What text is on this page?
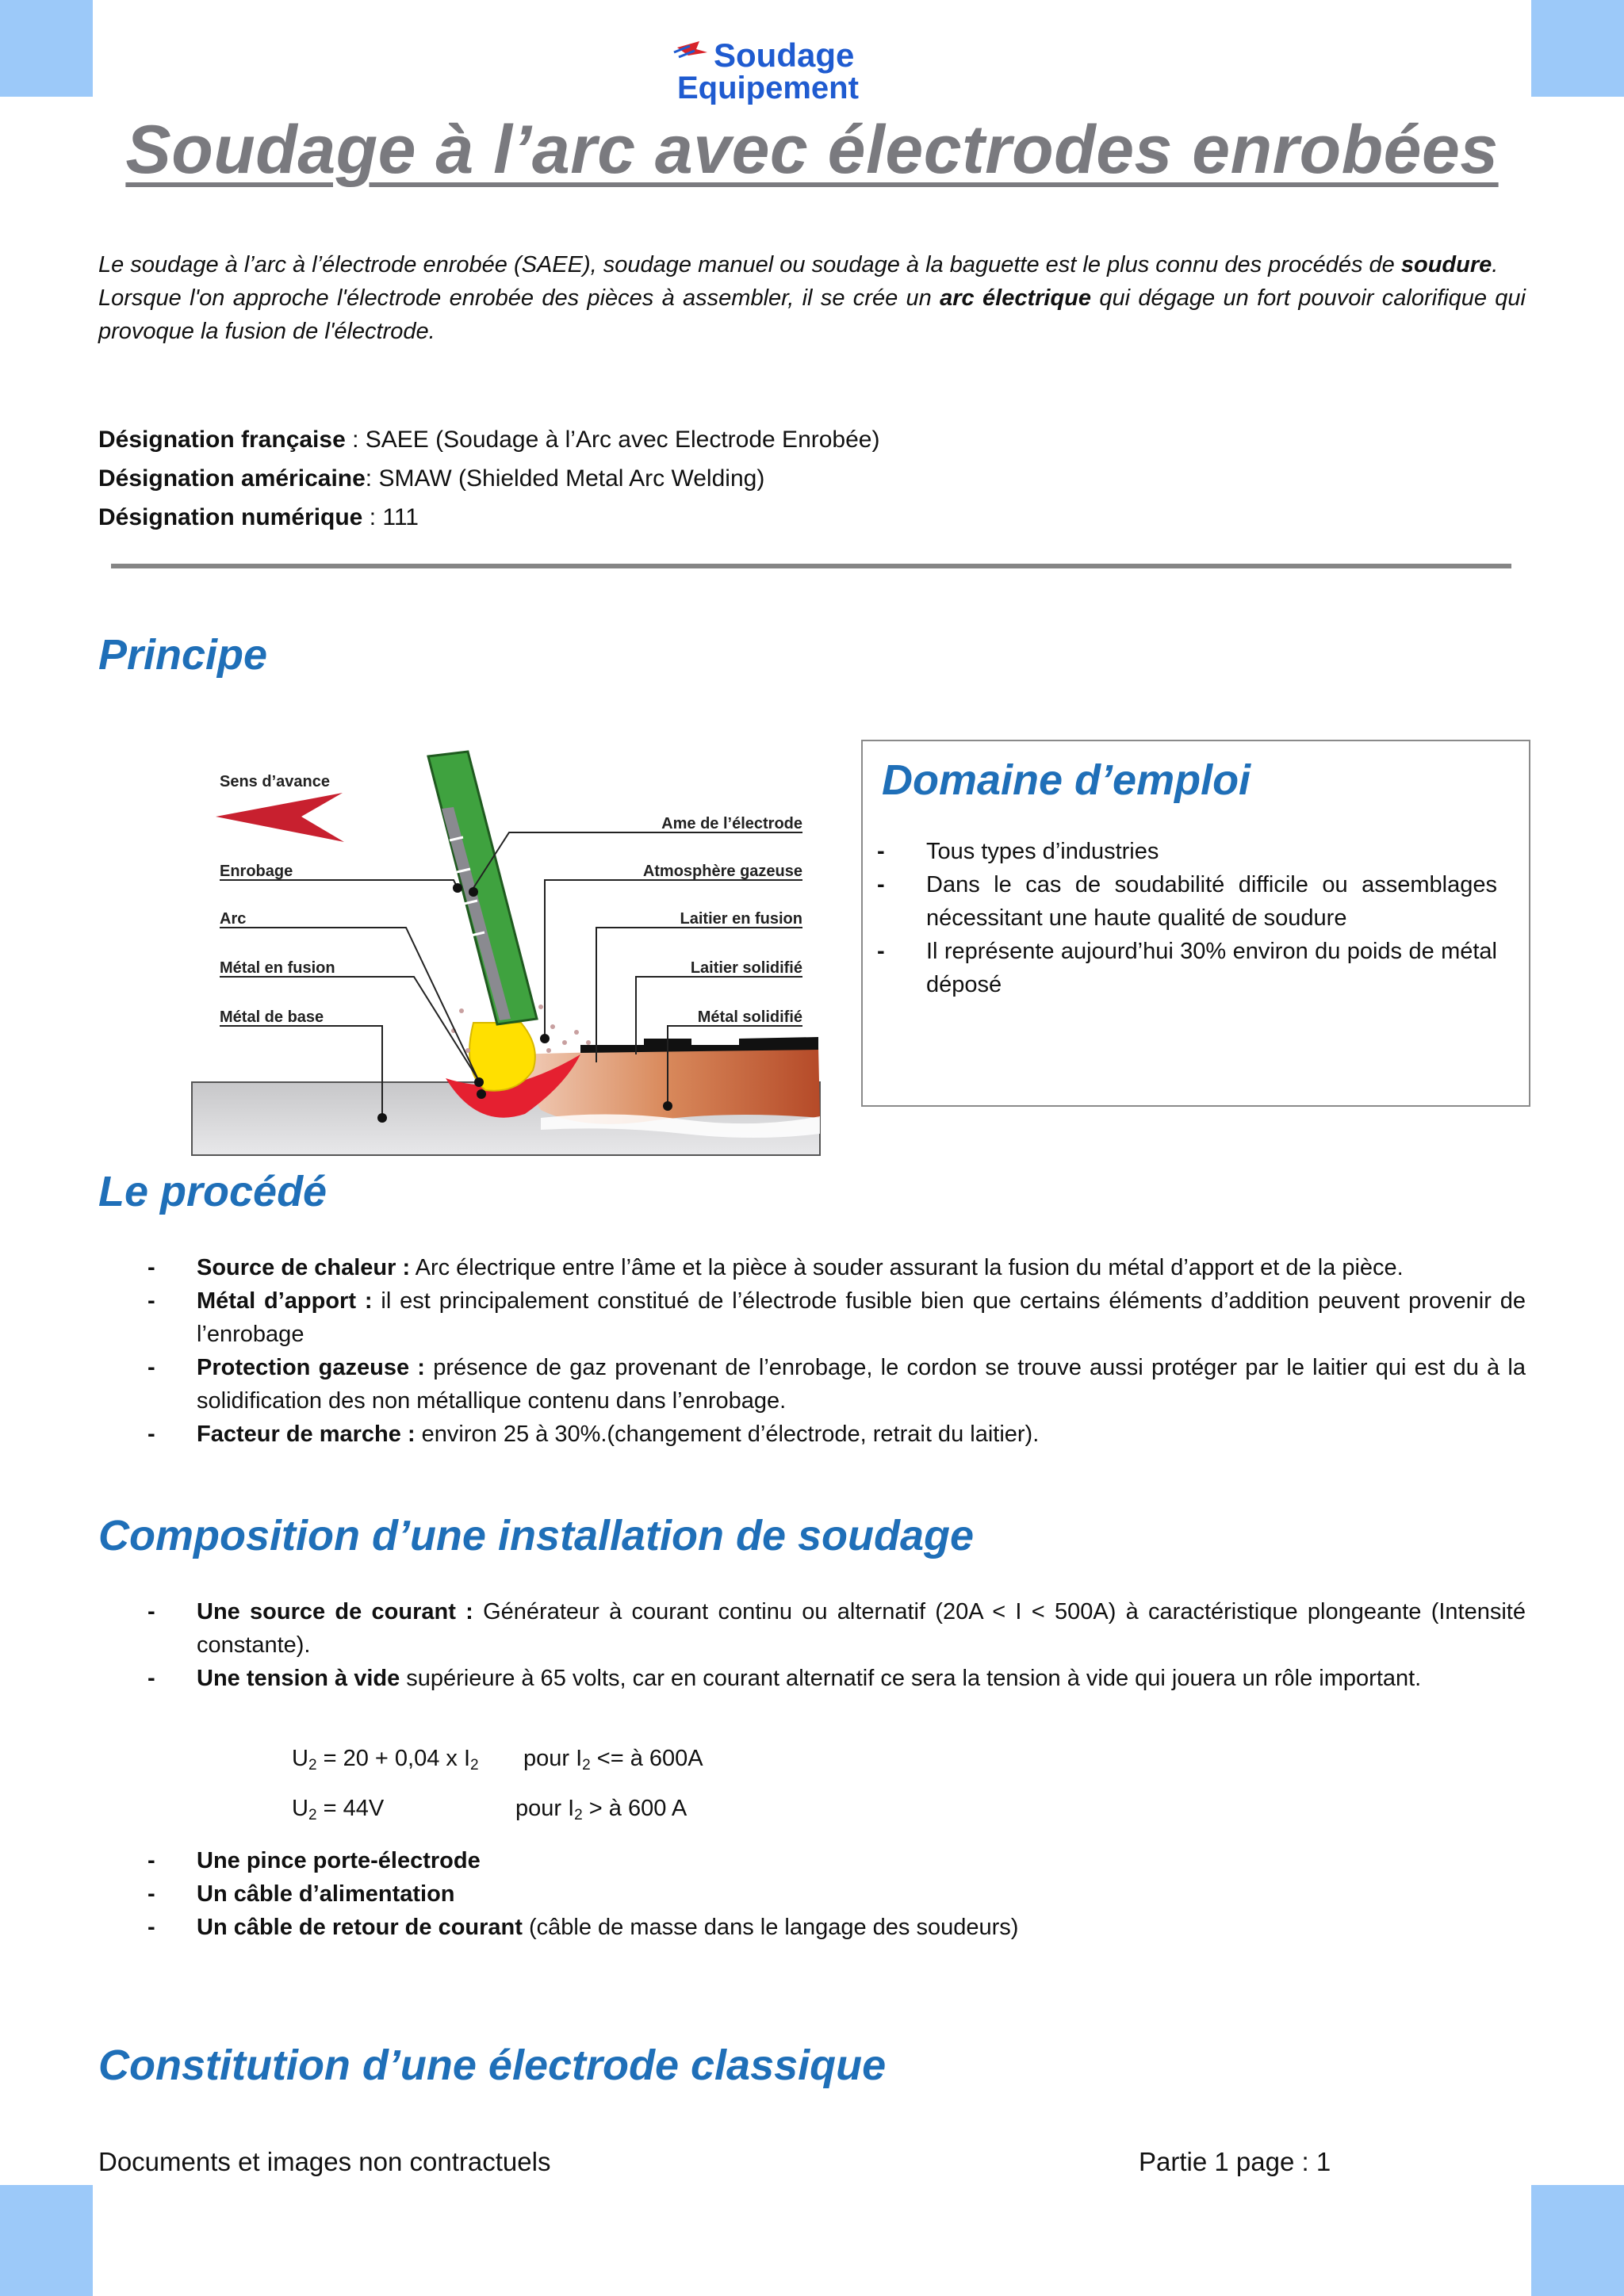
Soudage
Equipement
Soudage à l’arc avec électrodes enrobées

Le soudage à l’arc à l’électrode enrobée (SAEE), soudage manuel ou soudage à la baguette est le plus connu des procédés de soudure.

Lorsque l'on approche l'électrode enrobée des pièces à assembler, il se crée un arc électrique qui dégage un fort pouvoir calorifique qui provoque la fusion de l'électrode.

Désignation française : SAEE (Soudage à l’Arc avec Electrode Enrobée)
Désignation américaine: SMAW (Shielded Metal Arc Welding)
Désignation numérique : 111
Principe
Sens d’avance
Enrobage
Arc
Métal en fusion
Métal de base
Ame de l’électrode
Atmosphère gazeuse
Laitier en fusion
Laitier solidifié
Métal solidifié
Domaine d’emploi
- Tous types d’industries
- Dans le cas de soudabilité difficile ou assemblages nécessitant une haute qualité de soudure
- Il représente aujourd’hui 30% environ du poids de métal déposé
Le procédé
- Source de chaleur : Arc électrique entre l’âme et la pièce à souder assurant la fusion du métal d’apport et de la pièce.
- Métal d’apport : il est principalement constitué de l’électrode fusible bien que certains éléments d’addition peuvent provenir de l’enrobage
- Protection gazeuse : présence de gaz provenant de l’enrobage, le cordon se trouve aussi protéger par le laitier qui est du à la solidification des non métallique contenu dans l’enrobage.
- Facteur de marche : environ 25 à 30%.(changement d’électrode, retrait du laitier).
Composition d’une installation de soudage
- Une source de courant : Générateur à courant continu ou alternatif (20A < I < 500A) à caractéristique plongeante (Intensité constante).
- Une tension à vide supérieure à 65 volts, car en courant alternatif ce sera la tension à vide qui jouera un rôle important.
$U_2 = 20 + 0,04$ x $I_2$ pour $I_2$ <= à 600A
$U_2 = 44V$	pour $I_2$ > à 600 A
- Une pince porte-électrode
- Un câble d’alimentation
- Un câble de retour de courant (câble de masse dans le langage des soudeurs)
Constitution d’une électrode classique
Documents et images non contractuels	Partie 1 page : 1
